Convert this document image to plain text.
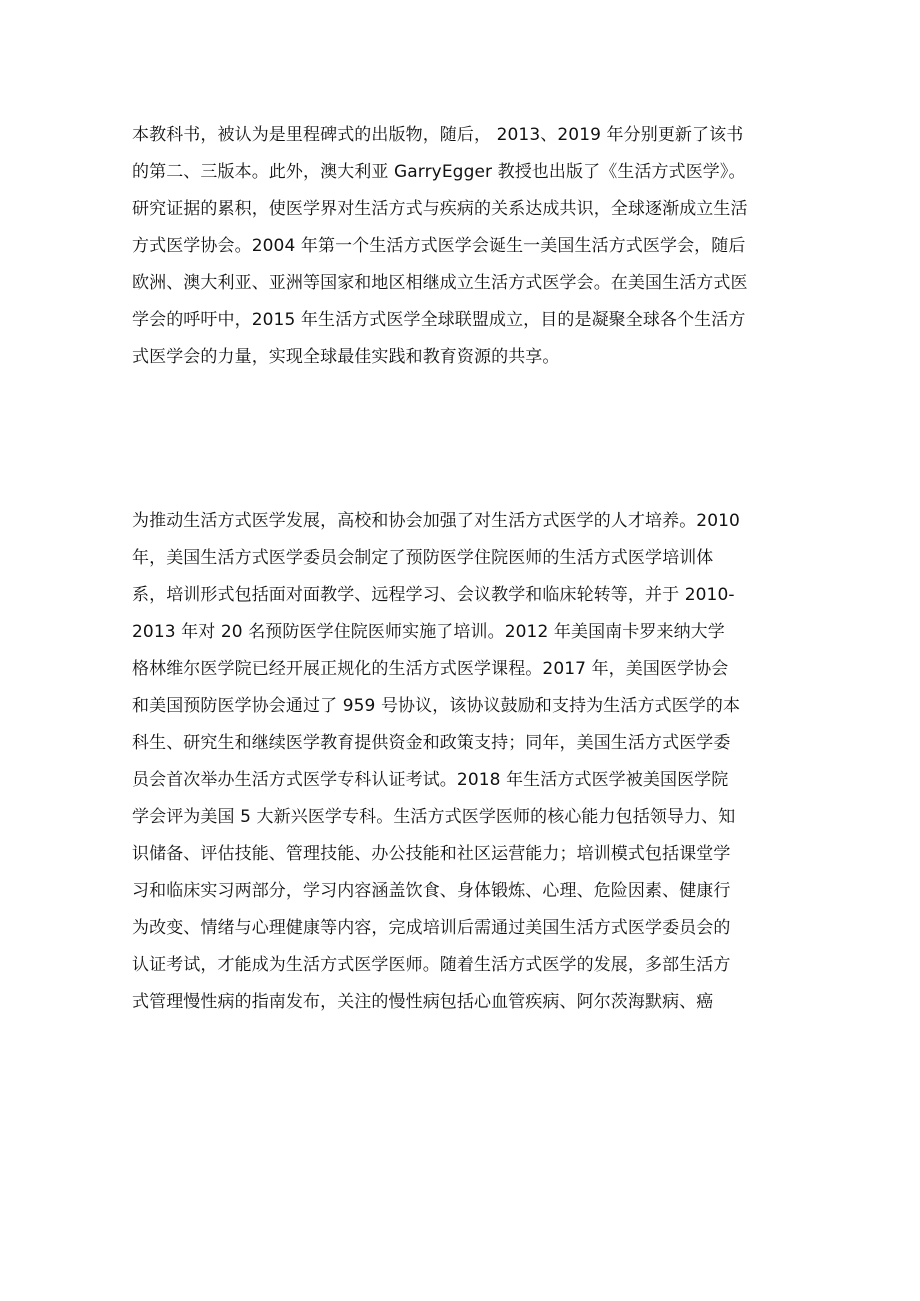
本教科书，被认为是里程碑式的出版物，随后， 2013、2019 年分别更新了该书
的第二、三版本。此外，澳大利亚 GarryEgger 教授也出版了《生活方式医学》。
研究证据的累积，使医学界对生活方式与疾病的关系达成共识，全球逐渐成立生活
方式医学协会。2004 年第一个生活方式医学会诞生一美国生活方式医学会，随后
欧洲、澳大利亚、亚洲等国家和地区相继成立生活方式医学会。在美国生活方式医
学会的呼吁中，2015 年生活方式医学全球联盟成立，目的是凝聚全球各个生活方
式医学会的力量，实现全球最佳实践和教育资源的共享。
为推动生活方式医学发展，高校和协会加强了对生活方式医学的人才培养。2010
年，美国生活方式医学委员会制定了预防医学住院医师的生活方式医学培训体
系，培训形式包括面对面教学、远程学习、会议教学和临床轮转等，并于 2010-
2013 年对 20 名预防医学住院医师实施了培训。2012 年美国南卡罗来纳大学
格林维尔医学院已经开展正规化的生活方式医学课程。2017 年，美国医学协会
和美国预防医学协会通过了 959 号协议，该协议鼓励和支持为生活方式医学的本
科生、研究生和继续医学教育提供资金和政策支持；同年，美国生活方式医学委
员会首次举办生活方式医学专科认证考试。2018 年生活方式医学被美国医学院
学会评为美国 5 大新兴医学专科。生活方式医学医师的核心能力包括领导力、知
识储备、评估技能、管理技能、办公技能和社区运营能力；培训模式包括课堂学
习和临床实习两部分，学习内容涵盖饮食、身体锻炼、心理、危险因素、健康行
为改变、情绪与心理健康等内容，完成培训后需通过美国生活方式医学委员会的
认证考试，才能成为生活方式医学医师。随着生活方式医学的发展，多部生活方
式管理慢性病的指南发布，关注的慢性病包括心血管疾病、阿尔茨海默病、癌
